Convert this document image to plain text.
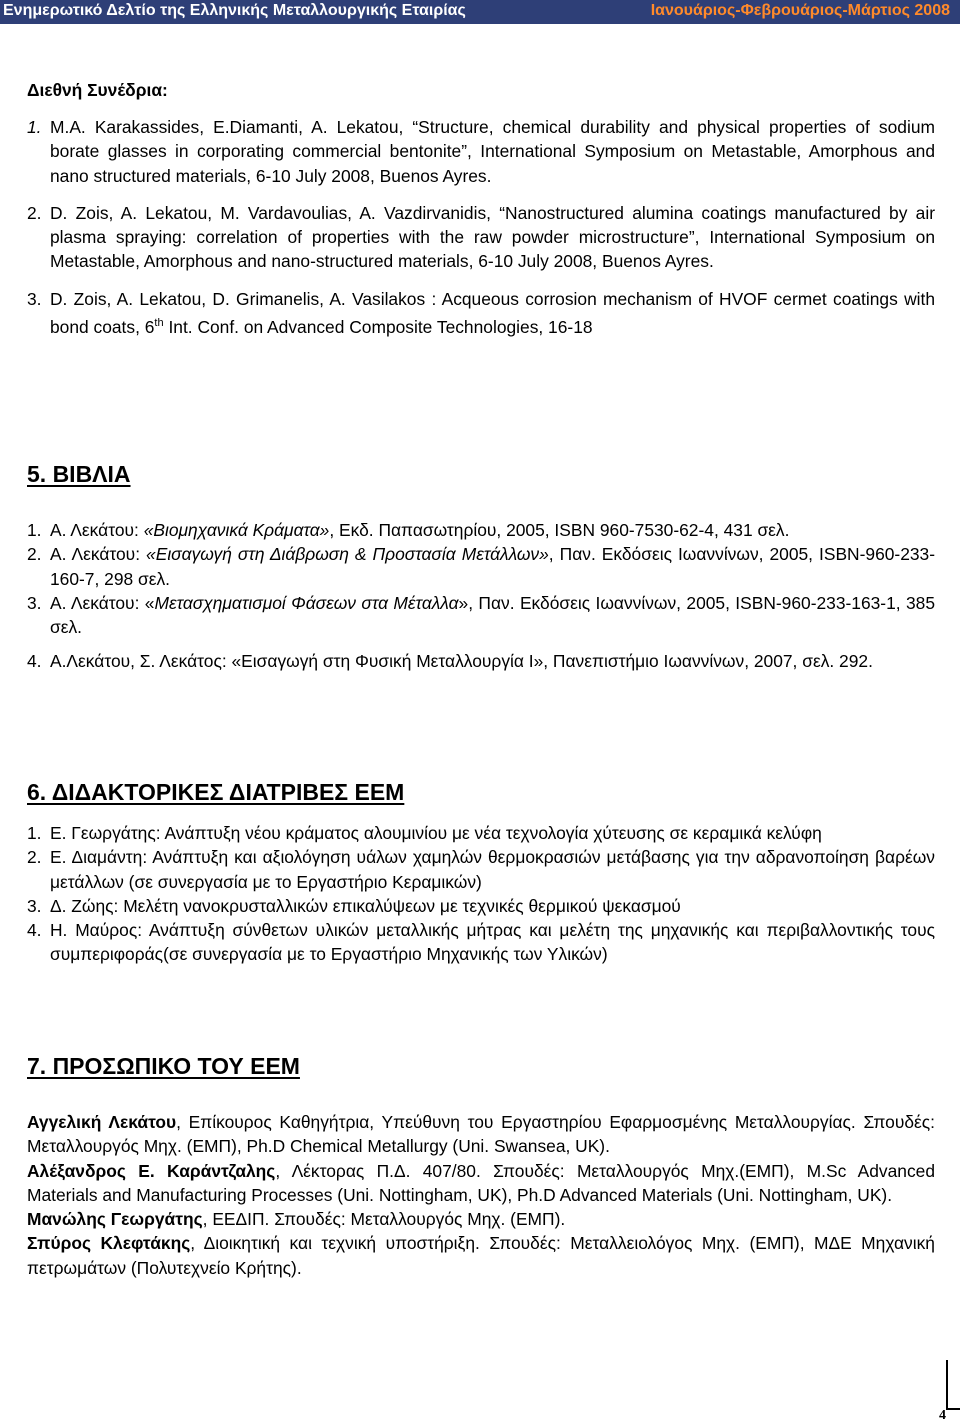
Ενημερωτικό Δελτίο της Ελληνικής Μεταλλουργικής Εταιρίας	Ιανουάριος-Φεβρουάριος-Μάρτιος 2008
Διεθνή Συνέδρια:
1. M.A. Karakassides, E.Diamanti, A. Lekatou, “Structure, chemical durability and physical properties of sodium borate glasses in corporating commercial bentonite”, International Symposium on Metastable, Amorphous and nano structured materials, 6-10 July 2008, Buenos Ayres.
2. D. Zois, A. Lekatou, M. Vardavoulias, A. Vazdirvanidis, “Nanostructured alumina coatings manufactured by air plasma spraying: correlation of properties with the raw powder microstructure”, International Symposium on Metastable, Amorphous and nano-structured materials, 6-10 July 2008, Buenos Ayres.
3. D. Zois, A. Lekatou, D. Grimanelis, A. Vasilakos : Acqueous corrosion mechanism of HVOF cermet coatings with bond coats, 6th Int. Conf. on Advanced Composite Technologies, 16-18
5. ΒΙΒΛΙΑ
1. Α. Λεκάτου: «Βιομηχανικά Κράματα», Εκδ. Παπασωτηρίου, 2005, ISBN 960-7530-62-4, 431 σελ.
2. Α. Λεκάτου: «Εισαγωγή στη Διάβρωση & Προστασία Μετάλλων», Παν. Εκδόσεις Ιωαννίνων, 2005, ISBN-960-233-160-7, 298 σελ.
3. Α. Λεκάτου: «Μετασχηματισμοί Φάσεων στα Μέταλλα», Παν. Εκδόσεις Ιωαννίνων, 2005, ISBN-960-233-163-1, 385 σελ.
4. Α.Λεκάτου, Σ. Λεκάτος: «Εισαγωγή στη Φυσική Μεταλλουργία Ι», Πανεπιστήμιο Ιωαννίνων, 2007, σελ. 292.
6. ΔΙΔΑΚΤΟΡΙΚΕΣ ΔΙΑΤΡΙΒΕΣ ΕΕΜ
1. Ε. Γεωργάτης: Ανάπτυξη νέου κράματος αλουμινίου με νέα τεχνολογία χύτευσης σε κεραμικά κελύφη
2. Ε. Διαμάντη: Ανάπτυξη και αξιολόγηση υάλων χαμηλών θερμοκρασιών μετάβασης για την αδρανοποίηση βαρέων μετάλλων (σε συνεργασία με το Εργαστήριο Κεραμικών)
3. Δ. Ζώης: Μελέτη νανοκρυσταλλικών επικαλύψεων με τεχνικές θερμικού ψεκασμού
4. Η. Μαύρος: Ανάπτυξη σύνθετων υλικών μεταλλικής μήτρας και μελέτη της μηχανικής και περιβαλλοντικής τους συμπεριφοράς(σε συνεργασία με το Εργαστήριο Μηχανικής των Υλικών)
7. ΠΡΟΣΩΠΙΚΟ ΤΟΥ ΕΕΜ
Αγγελική Λεκάτου, Επίκουρος Καθηγήτρια, Υπεύθυνη του Εργαστηρίου Εφαρμοσμένης Μεταλλουργίας. Σπουδές: Μεταλλουργός Μηχ. (ΕΜΠ), Ph.D Chemical Metallurgy (Uni. Swansea, UK).
Αλέξανδρος Ε. Καράντζαλης, Λέκτορας Π.Δ. 407/80. Σπουδές: Μεταλλουργός Μηχ.(ΕΜΠ), M.Sc Advanced Materials and Manufacturing Processes (Uni. Nottingham, UK), Ph.D Advanced Materials (Uni. Nottingham, UK).
Μανώλης Γεωργάτης, ΕΕΔΙΠ. Σπουδές: Μεταλλουργός Μηχ. (ΕΜΠ).
Σπύρος Κλεφτάκης, Διοικητική και τεχνική υποστήριξη. Σπουδές: Μεταλλειολόγος Μηχ. (ΕΜΠ), ΜΔΕ Μηχανική πετρωμάτων (Πολυτεχνείο Κρήτης).
4
